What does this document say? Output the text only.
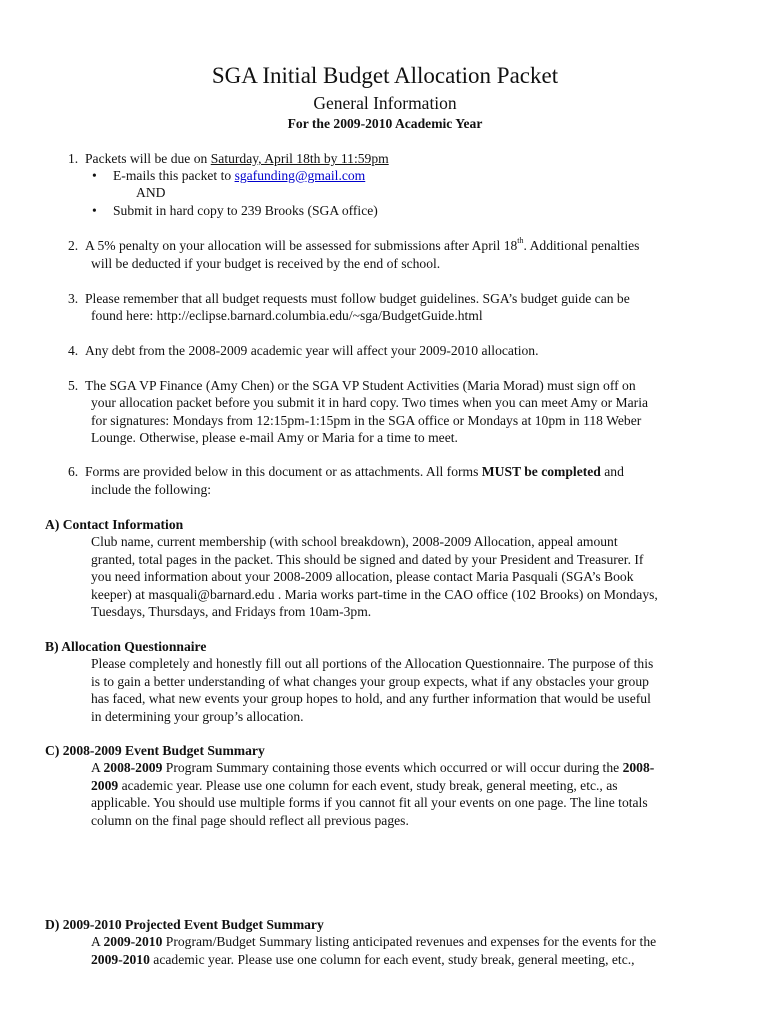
SGA Initial Budget Allocation Packet
General Information
For the 2009-2010 Academic Year
1. Packets will be due on Saturday, April 18th by 11:59pm
• E-mails this packet to sgafunding@gmail.com
AND
• Submit in hard copy to 239 Brooks (SGA office)
2. A 5% penalty on your allocation will be assessed for submissions after April 18th. Additional penalties
will be deducted if your budget is received by the end of school.
3. Please remember that all budget requests must follow budget guidelines. SGA’s budget guide can be
found here: http://eclipse.barnard.columbia.edu/~sga/BudgetGuide.html
4. Any debt from the 2008-2009 academic year will affect your 2009-2010 allocation.
5. The SGA VP Finance (Amy Chen) or the SGA VP Student Activities (Maria Morad) must sign off on
your allocation packet before you submit it in hard copy. Two times when you can meet Amy or Maria
for signatures: Mondays from 12:15pm-1:15pm in the SGA office or Mondays at 10pm in 118 Weber
Lounge. Otherwise, please e-mail Amy or Maria for a time to meet.
6. Forms are provided below in this document or as attachments. All forms MUST be completed and
include the following:
A) Contact Information
Club name, current membership (with school breakdown), 2008-2009 Allocation, appeal amount
granted, total pages in the packet. This should be signed and dated by your President and Treasurer. If
you need information about your 2008-2009 allocation, please contact Maria Pasquali (SGA’s Book
keeper) at masquali@barnard.edu . Maria works part-time in the CAO office (102 Brooks) on Mondays,
Tuesdays, Thursdays, and Fridays from 10am-3pm.
B) Allocation Questionnaire
Please completely and honestly fill out all portions of the Allocation Questionnaire. The purpose of this
is to gain a better understanding of what changes your group expects, what if any obstacles your group
has faced, what new events your group hopes to hold, and any further information that would be useful
in determining your group’s allocation.
C) 2008-2009 Event Budget Summary
A 2008-2009 Program Summary containing those events which occurred or will occur during the 2008-
2009 academic year. Please use one column for each event, study break, general meeting, etc., as
applicable. You should use multiple forms if you cannot fit all your events on one page. The line totals
column on the final page should reflect all previous pages.
D) 2009-2010 Projected Event Budget Summary
A 2009-2010 Program/Budget Summary listing anticipated revenues and expenses for the events for the
2009-2010 academic year. Please use one column for each event, study break, general meeting, etc.,
